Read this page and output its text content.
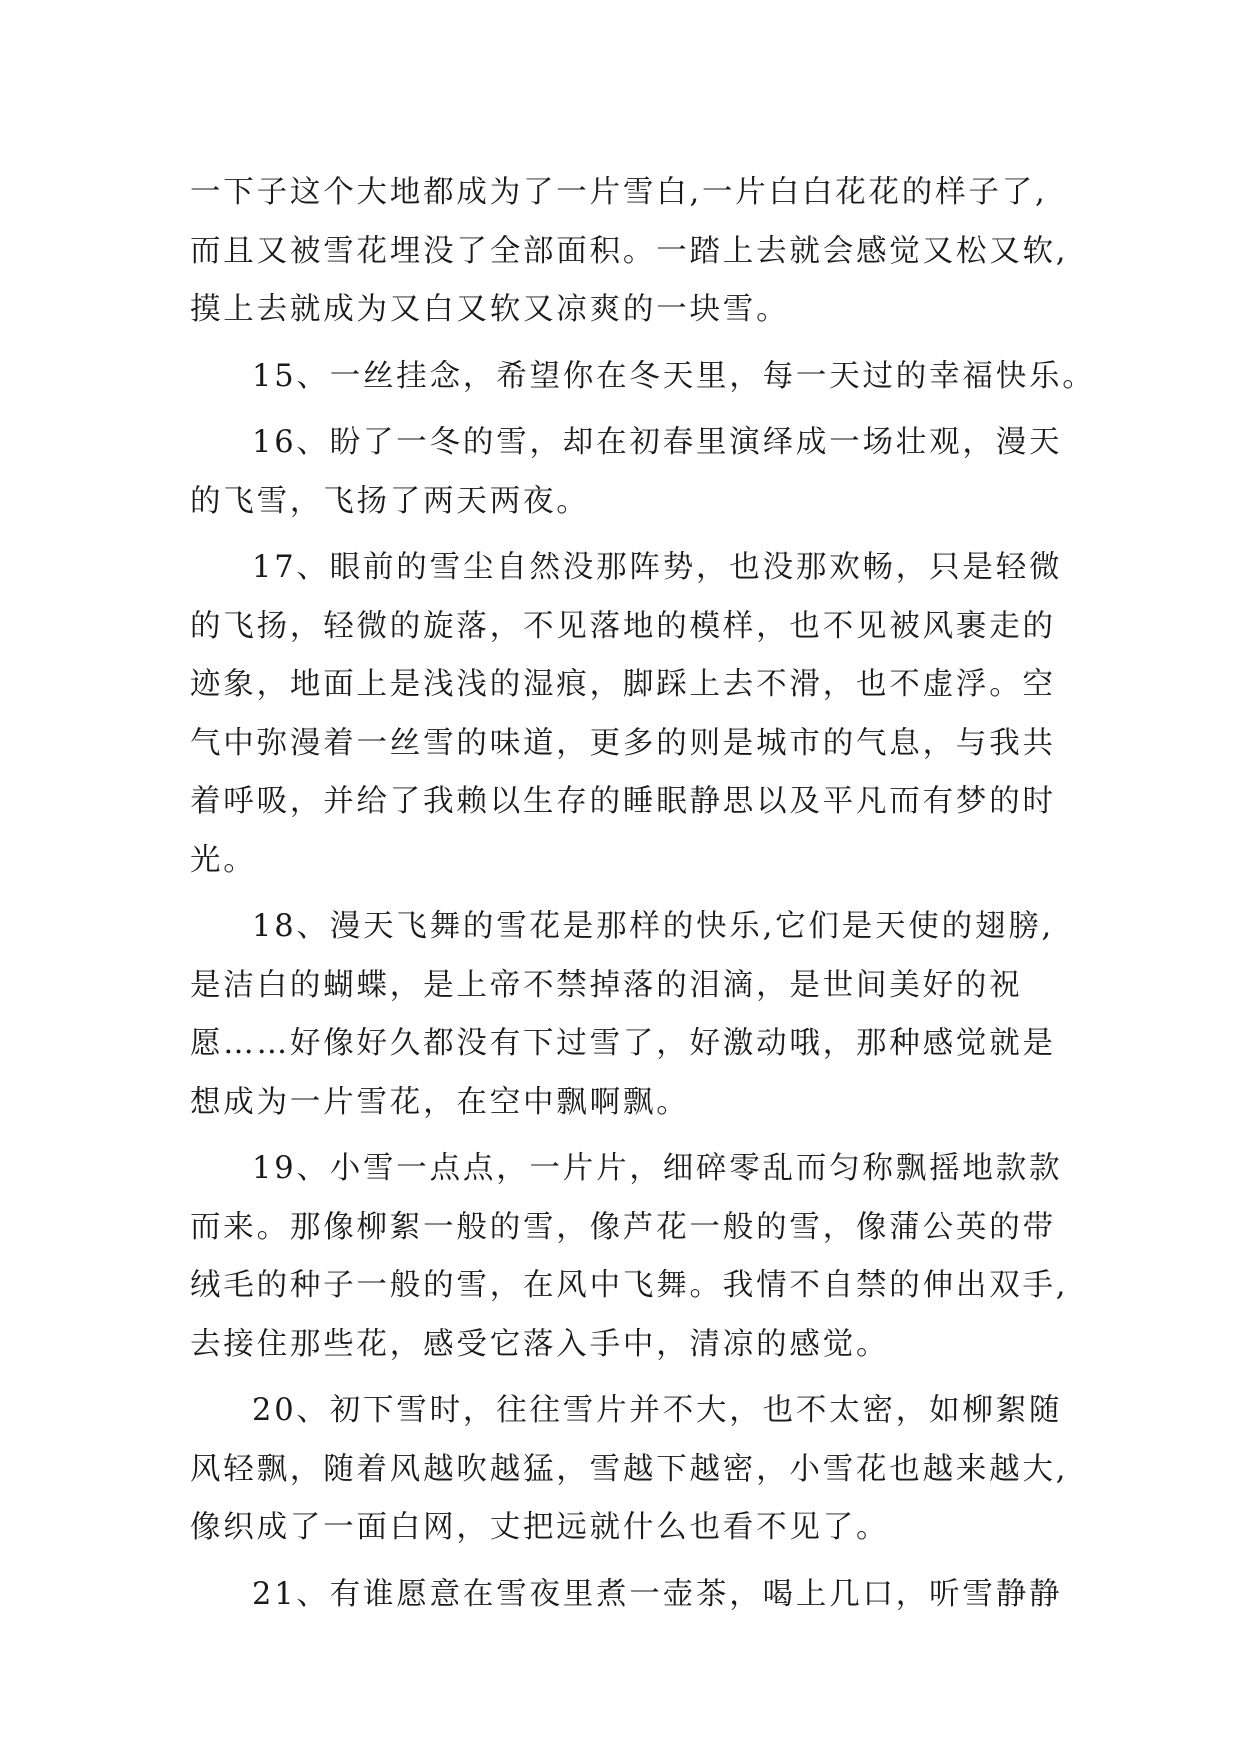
一下子这个大地都成为了一片雪白,一片白白花花的样子了,
而且又被雪花埋没了全部面积。一踏上去就会感觉又松又软,
摸上去就成为又白又软又凉爽的一块雪。
15、一丝挂念，希望你在冬天里，每一天过的幸福快乐。
16、盼了一冬的雪，却在初春里演绎成一场壮观，漫天
的飞雪，飞扬了两天两夜。
17、眼前的雪尘自然没那阵势，也没那欢畅，只是轻微
的飞扬，轻微的旋落，不见落地的模样，也不见被风裹走的
迹象，地面上是浅浅的湿痕，脚踩上去不滑，也不虚浮。空
气中弥漫着一丝雪的味道，更多的则是城市的气息，与我共
着呼吸，并给了我赖以生存的睡眠静思以及平凡而有梦的时
光。
18、漫天飞舞的雪花是那样的快乐,它们是天使的翅膀,
是洁白的蝴蝶，是上帝不禁掉落的泪滴，是世间美好的祝
愿……好像好久都没有下过雪了，好激动哦，那种感觉就是
想成为一片雪花，在空中飘啊飘。
19、小雪一点点，一片片，细碎零乱而匀称飘摇地款款
而来。那像柳絮一般的雪，像芦花一般的雪，像蒲公英的带
绒毛的种子一般的雪，在风中飞舞。我情不自禁的伸出双手,
去接住那些花，感受它落入手中，清凉的感觉。
20、初下雪时，往往雪片并不大，也不太密，如柳絮随
风轻飘，随着风越吹越猛，雪越下越密，小雪花也越来越大,
像织成了一面白网，丈把远就什么也看不见了。
21、有谁愿意在雪夜里煮一壶茶，喝上几口，听雪静静
